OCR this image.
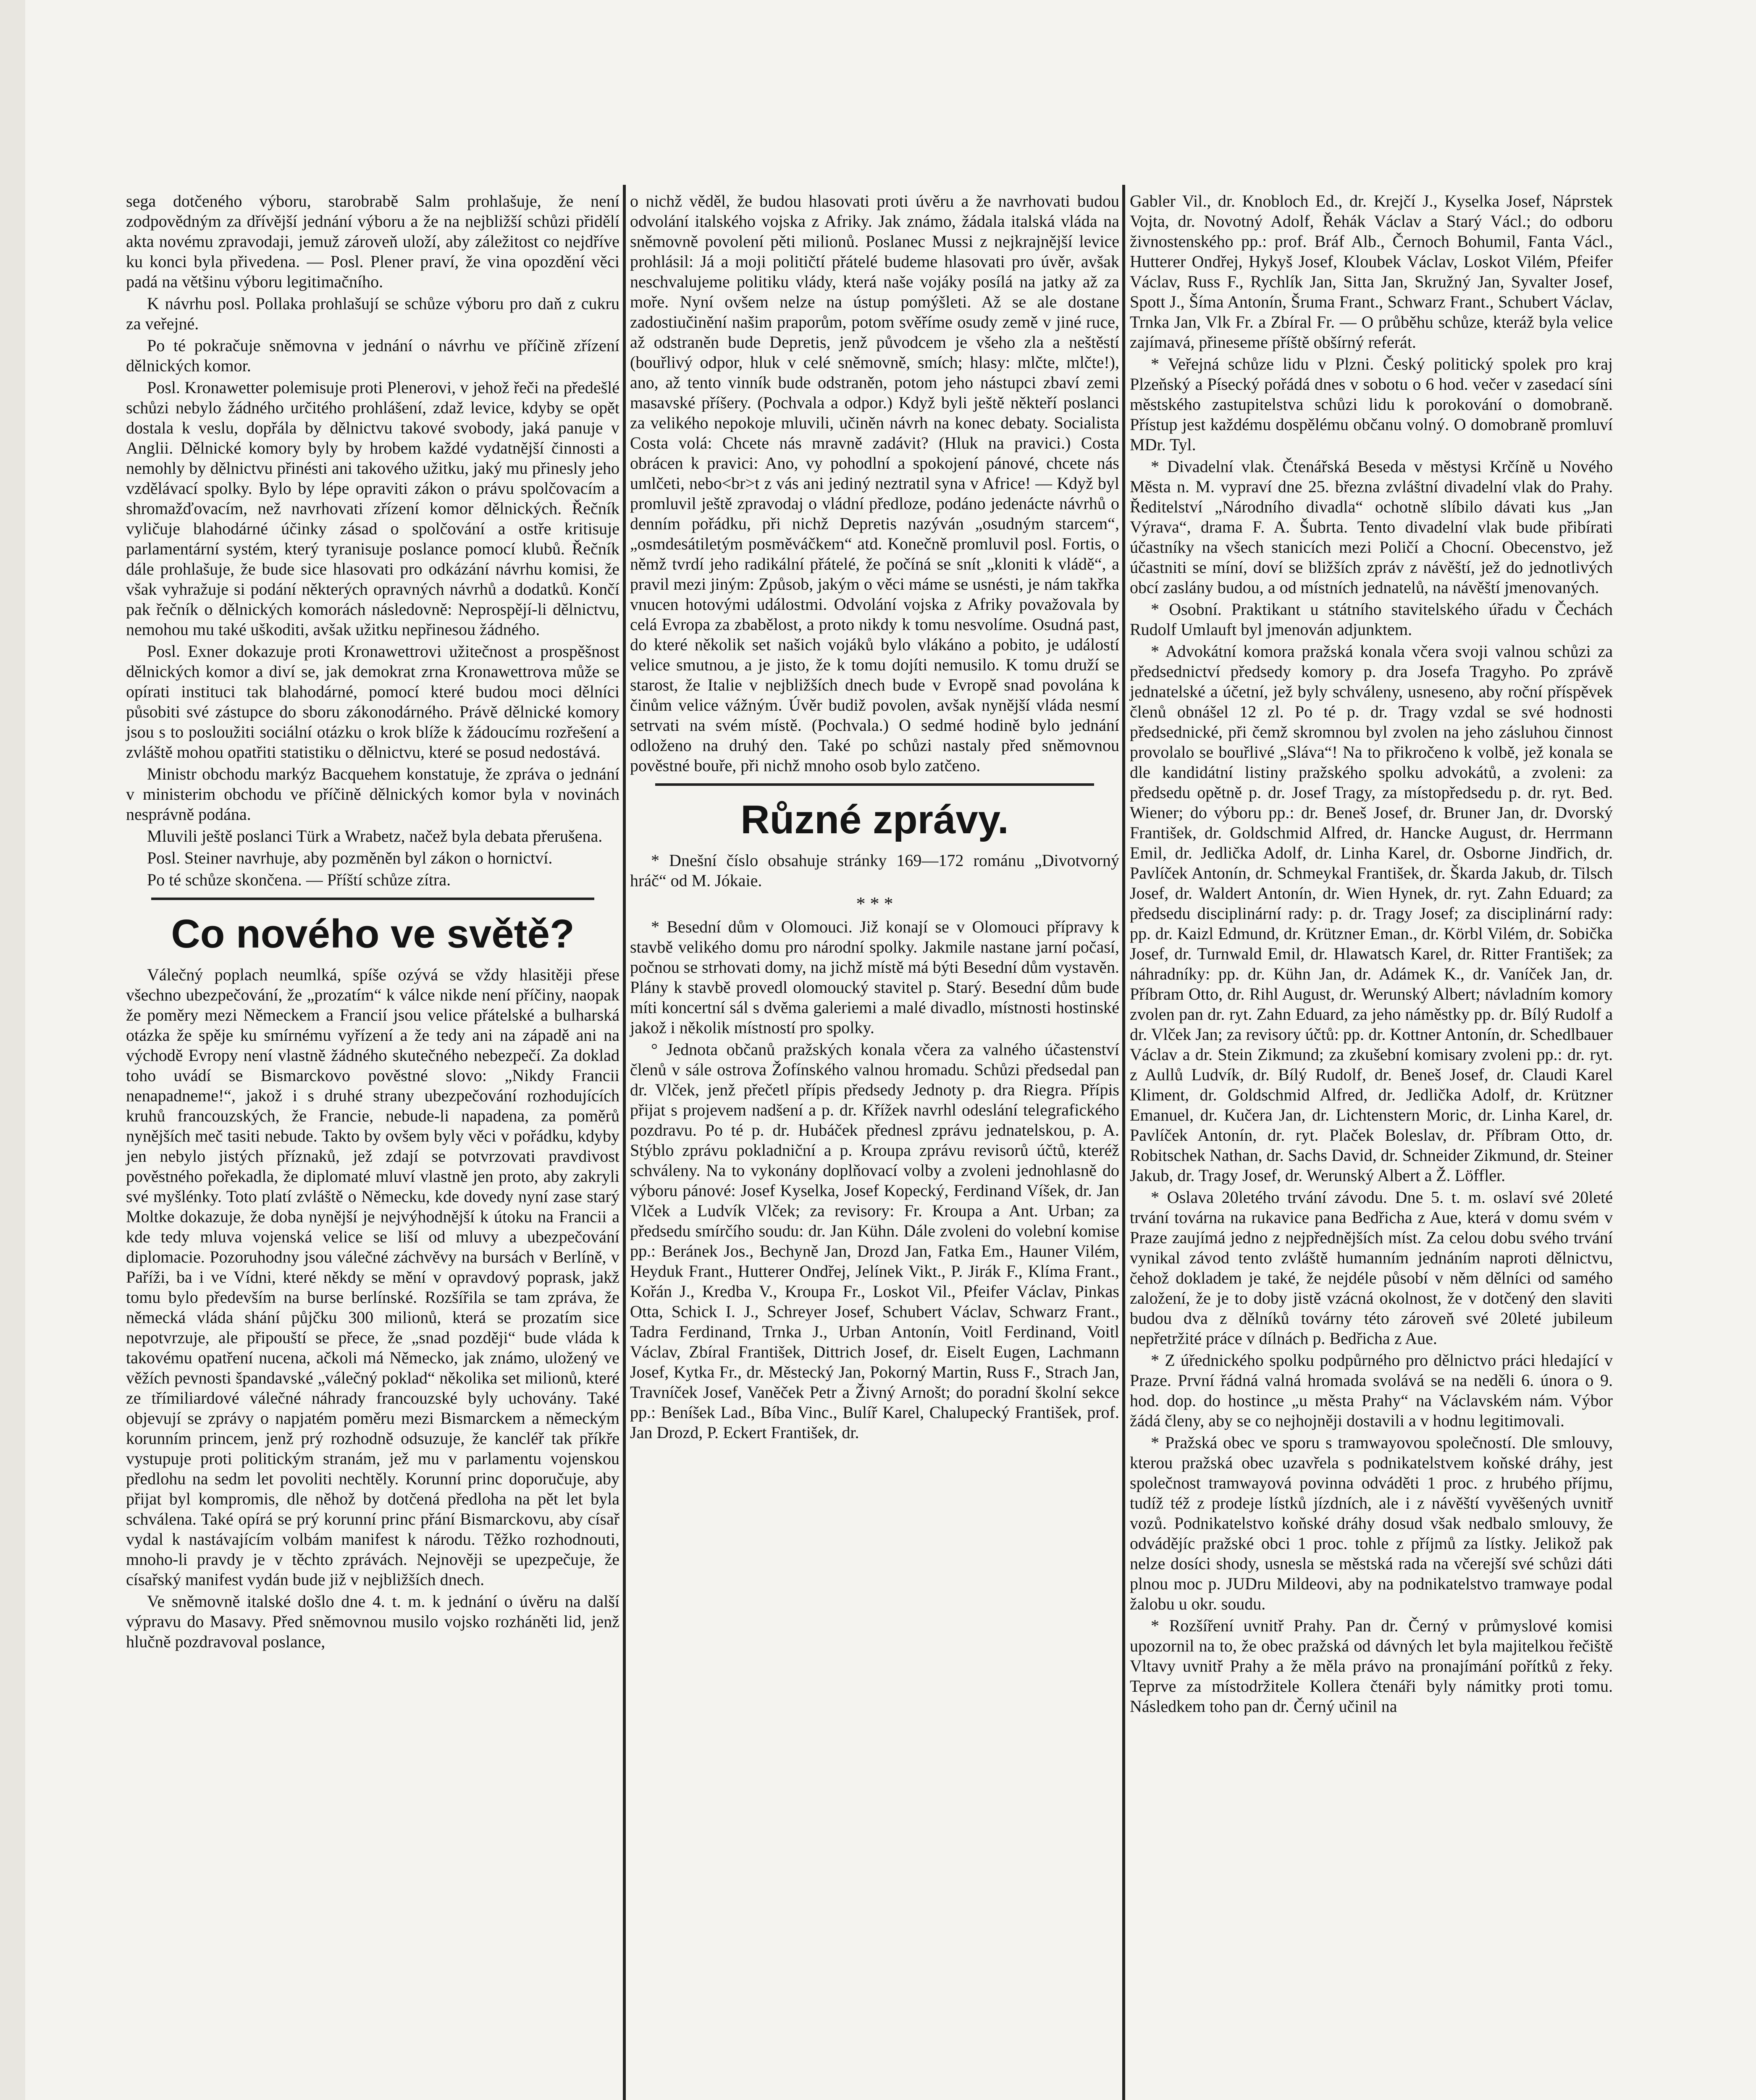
sega dotčeného výboru, starobrabě Salm prohlašuje, že není zodpovědným za dřívější jednání výboru a že na nejbližší schůzi přidělí akta novému zpravodaji, jemuž zároveň uloží, aby záležitost co nejdříve ku konci byla přivedena. — Posl. Plener praví, že vina opozdění věci padá na většinu výboru legitimačního.

K návrhu posl. Pollaka prohlašují se schůze výboru pro daň z cukru za veřejné.

Po té pokračuje sněmovna v jednání o návrhu ve příčině zřízení dělnických komor.

Posl. Kronawetter polemisuje proti Plenerovi, v jehož řeči na předešlé schůzi nebylo žádného určitého prohlášení, zdaž levice, kdyby se opět dostala k veslu, dopřála by dělnictvu takové svobody, jaká panuje v Anglii. Dělnické komory byly by hrobem každé vydatnější činnosti a nemohly by dělnictvu přinésti ani takového užitku, jaký mu přinesly jeho vzdělávací spolky. Bylo by lépe opraviti zákon o právu spolčovacím a shromažďovacím, než navrhovati zřízení komor dělnických. Řečník vyličuje blahodárné účinky zásad o spolčování a ostře kritisuje parlamentární systém, který tyranisuje poslance pomocí klubů. Řečník dále prohlašuje, že bude sice hlasovati pro odkázání návrhu komisi, že však vyhražuje si podání některých opravných návrhů a dodatků. Končí pak řečník o dělnických komorách následovně: Neprospějí-li dělnictvu, nemohou mu také uškoditi, avšak užitku nepřinesou žádného.

Posl. Exner dokazuje proti Kronawettrovi užitečnost a prospěšnost dělnických komor a diví se, jak demokrat zrna Kronawettrova může se opírati instituci tak blahodárné, pomocí které budou moci dělníci působiti své zástupce do sboru zákonodárného. Právě dělnické komory jsou s to posloužiti sociální otázku o krok blíže k žádoucímu rozřešení a zvláště mohou opatřiti statistiku o dělnictvu, které se posud nedostává.

Ministr obchodu markýz Bacquehem konstatuje, že zpráva o jednání v ministerim obchodu ve příčině dělnických komor byla v novinách nesprávně podána.

Mluvili ještě poslanci Türk a Wrabetz, načež byla debata přerušena.

Posl. Steiner navrhuje, aby pozměněn byl zákon o hornictví.

Po té schůze skončena. — Příští schůze zítra.

Co nového ve světě?

Válečný poplach neumlká, spíše ozývá se vždy hlasitěji přese všechno ubezpečování, že „prozatím“ k válce nikde není příčiny, naopak že poměry mezi Německem a Francií jsou velice přátelské a bulharská otázka že spěje ku smírnému vyřízení a že tedy ani na západě ani na východě Evropy není vlastně žádného skutečného nebezpečí. Za doklad toho uvádí se Bismarckovo pověstné slovo: „Nikdy Francii nenapadneme!“, jakož i s druhé strany ubezpečování rozhodujících kruhů francouzských, že Francie, nebude-li napadena, za poměrů nynějších meč tasiti nebude. Takto by ovšem byly věci v pořádku, kdyby jen nebylo jistých příznaků, jež zdají se potvrzovati pravdivost pověstného pořekadla, že diplomaté mluví vlastně jen proto, aby zakryli své myšlénky. Toto platí zvláště o Německu, kde dovedy nyní zase starý Moltke dokazuje, že doba nynější je nejvýhodnější k útoku na Francii a kde tedy mluva vojenská velice se liší od mluvy a ubezpečování diplomacie. Pozoruhodny jsou válečné záchvěvy na bursách v Berlíně, v Paříži, ba i ve Vídni, které někdy se mění v opravdový poprask, jakž tomu bylo především na burse berlínské. Rozšířila se tam zpráva, že německá vláda shání půjčku 300 milionů, která se prozatím sice nepotvrzuje, ale připouští se přece, že „snad později“ bude vláda k takovému opatření nucena, ačkoli má Německo, jak známo, uložený ve věžích pevnosti špandavské „válečný poklad“ několika set milionů, které ze třímiliardové válečné náhrady francouzské byly uchovány. Také objevují se zprávy o napjatém poměru mezi Bismarckem a německým korunním princem, jenž prý rozhodně odsuzuje, že kancléř tak příkře vystupuje proti politickým stranám, jež mu v parlamentu vojenskou předlohu na sedm let povoliti nechtěly. Korunní princ doporučuje, aby přijat byl kompromis, dle něhož by dotčená předloha na pět let byla schválena. Také opírá se prý korunní princ přání Bismarckovu, aby císař vydal k nastávajícím volbám manifest k národu. Těžko rozhodnouti, mnoho-li pravdy je v těchto zprávách. Nejnověji se upezpečuje, že císařský manifest vydán bude již v nejbližších dnech.

Ve sněmovně italské došlo dne 4. t. m. k jednání o úvěru na další výpravu do Masavy. Před sněmovnou musilo vojsko rozháněti lid, jenž hlučně pozdravoval poslance,

o nichž věděl, že budou hlasovati proti úvěru a že navrhovati budou odvolání italského vojska z Afriky. Jak známo, žádala italská vláda na sněmovně povolení pěti milionů. Poslanec Mussi z nejkrajnější levice prohlásil: Já a moji političtí přátelé budeme hlasovati pro úvěr, avšak neschvalujeme politiku vlády, která naše vojáky posílá na jatky až za moře. Nyní ovšem nelze na ústup pomýšleti. Až se ale dostane zadostiučinění našim praporům, potom svěříme osudy země v jiné ruce, až odstraněn bude Depretis, jenž původcem je všeho zla a neštěstí (bouřlivý odpor, hluk v celé sněmovně, smích; hlasy: mlčte, mlčte!), ano, až tento vinník bude odstraněn, potom jeho nástupci zbaví zemi masavské příšery. (Pochvala a odpor.) Když byli ještě někteří poslanci za velikého nepokoje mluvili, učiněn návrh na konec debaty. Socialista Costa volá: Chcete nás mravně zadávit? (Hluk na pravici.) Costa obrácen k pravici: Ano, vy pohodlní a spokojení pánové, chcete nás umlčeti, nebo<br>t z vás ani jediný neztratil syna v Africe! — Když byl promluvil ještě zpravodaj o vládní předloze, podáno jedenácte návrhů o denním pořádku, při nichž Depretis nazýván „osudným starcem“, „osmdesátiletým posměváčkem“ atd. Konečně promluvil posl. Fortis, o němž tvrdí jeho radikální přátelé, že počíná se snít „kloniti k vládě“, a pravil mezi jiným: Způsob, jakým o věci máme se usnésti, je nám takřka vnucen hotovými událostmi. Odvolání vojska z Afriky považovala by celá Evropa za zbabělost, a proto nikdy k tomu nesvolíme. Osudná past, do které několik set našich vojáků bylo vlákáno a pobito, je událostí velice smutnou, a je jisto, že k tomu dojíti nemusilo. K tomu druží se starost, že Italie v nejbližších dnech bude v Evropě snad povolána k činům velice vážným. Úvěr budiž povolen, avšak nynější vláda nesmí setrvati na svém místě. (Pochvala.) O sedmé hodině bylo jednání odloženo na druhý den. Také po schůzi nastaly před sněmovnou pověstné bouře, při nichž mnoho osob bylo zatčeno.

Různé zprávy.

* Dnešní číslo obsahuje stránky 169—172 románu „Divotvorný hráč“ od M. Jókaie.

* * *

* Besední dům v Olomouci. Již konají se v Olomouci přípravy k stavbě velikého domu pro národní spolky. Jakmile nastane jarní počasí, počnou se strhovati domy, na jichž místě má býti Besední dům vystavěn. Plány k stavbě provedl olomoucký stavitel p. Starý. Besední dům bude míti koncertní sál s dvěma galeriemi a malé divadlo, místnosti hostinské jakož i několik místností pro spolky.

° Jednota občanů pražských konala včera za valného účastenství členů v sále ostrova Žofínského valnou hromadu. Schůzi předsedal pan dr. Vlček, jenž přečetl přípis předsedy Jednoty p. dra Riegra. Přípis přijat s projevem nadšení a p. dr. Křížek navrhl odeslání telegrafického pozdravu. Po té p. dr. Hubáček přednesl zprávu jednatelskou, p. A. Stýblo zprávu pokladniční a p. Kroupa zprávu revisorů účtů, kteréž schváleny. Na to vykonány doplňovací volby a zvoleni jednohlasně do výboru pánové: Josef Kyselka, Josef Kopecký, Ferdinand Víšek, dr. Jan Vlček a Ludvík Vlček; za revisory: Fr. Kroupa a Ant. Urban; za předsedu smírčího soudu: dr. Jan Kühn. Dále zvoleni do volební komise pp.: Beránek Jos., Bechyně Jan, Drozd Jan, Fatka Em., Hauner Vilém, Heyduk Frant., Hutterer Ondřej, Jelínek Vikt., P. Jirák F., Klíma Frant., Kořán J., Kredba V., Kroupa Fr., Loskot Vil., Pfeifer Václav, Pinkas Otta, Schick I. J., Schreyer Josef, Schubert Václav, Schwarz Frant., Tadra Ferdinand, Trnka J., Urban Antonín, Voitl Ferdinand, Voitl Václav, Zbíral František, Dittrich Josef, dr. Eiselt Eugen, Lachmann Josef, Kytka Fr., dr. Městecký Jan, Pokorný Martin, Russ F., Strach Jan, Travníček Josef, Vaněček Petr a Živný Arnošt; do poradní školní sekce pp.: Beníšek Lad., Bíba Vinc., Bulíř Karel, Chalupecký František, prof. Jan Drozd, P. Eckert František, dr.

Gabler Vil., dr. Knobloch Ed., dr. Krejčí J., Kyselka Josef, Náprstek Vojta, dr. Novotný Adolf, Řehák Václav a Starý Václ.; do odboru živnostenského pp.: prof. Bráf Alb., Černoch Bohumil, Fanta Václ., Hutterer Ondřej, Hykyš Josef, Kloubek Václav, Loskot Vilém, Pfeifer Václav, Russ F., Rychlík Jan, Sitta Jan, Skružný Jan, Syvalter Josef, Spott J., Šíma Antonín, Šruma Frant., Schwarz Frant., Schubert Václav, Trnka Jan, Vlk Fr. a Zbíral Fr. — O průběhu schůze, kteráž byla velice zajímavá, přineseme příště obšírný referát.

* Veřejná schůze lidu v Plzni. Český politický spolek pro kraj Plzeňský a Písecký pořádá dnes v sobotu o 6 hod. večer v zasedací síni městského zastupitelstva schůzi lidu k porokování o domobraně. Přístup jest každému dospělému občanu volný. O domobraně promluví MDr. Tyl.

* Divadelní vlak. Čtenářská Beseda v městysi Krčíně u Nového Města n. M. vypraví dne 25. března zvláštní divadelní vlak do Prahy. Ředitelství „Národního divadla“ ochotně slíbilo dávati kus „Jan Výrava“, drama F. A. Šubrta. Tento divadelní vlak bude přibírati účastníky na všech stanicích mezi Poličí a Chocní. Obecenstvo, jež účastniti se míní, doví se bližších zpráv z návěští, jež do jednotlivých obcí zaslány budou, a od místních jednatelů, na návěští jmenovaných.

* Osobní. Praktikant u státního stavitelského úřadu v Čechách Rudolf Umlauft byl jmenován adjunktem.

* Advokátní komora pražská konala včera svoji valnou schůzi za předsednictví předsedy komory p. dra Josefa Tragyho. Po zprávě jednatelské a účetní, jež byly schváleny, usneseno, aby roční příspěvek členů obnášel 12 zl. Po té p. dr. Tragy vzdal se své hodnosti předsednické, při čemž skromnou byl zvolen na jeho zásluhou činnost provolalo se bouřlivé „Sláva“! Na to přikročeno k volbě, jež konala se dle kandidátní listiny pražského spolku advokátů, a zvoleni: za předsedu opětně p. dr. Josef Tragy, za místopředsedu p. dr. ryt. Bed. Wiener; do výboru pp.: dr. Beneš Josef, dr. Bruner Jan, dr. Dvorský František, dr. Goldschmid Alfred, dr. Hancke August, dr. Herrmann Emil, dr. Jedlička Adolf, dr. Linha Karel, dr. Osborne Jindřich, dr. Pavlíček Antonín, dr. Schmeykal František, dr. Škarda Jakub, dr. Tilsch Josef, dr. Waldert Antonín, dr. Wien Hynek, dr. ryt. Zahn Eduard; za předsedu disciplinární rady: p. dr. Tragy Josef; za disciplinární rady: pp. dr. Kaizl Edmund, dr. Krützner Eman., dr. Körbl Vilém, dr. Sobička Josef, dr. Turnwald Emil, dr. Hlawatsch Karel, dr. Ritter František; za náhradníky: pp. dr. Kühn Jan, dr. Adámek K., dr. Vaníček Jan, dr. Příbram Otto, dr. Rihl August, dr. Werunský Albert; návladním komory zvolen pan dr. ryt. Zahn Eduard, za jeho náměstky pp. dr. Bílý Rudolf a dr. Vlček Jan; za revisory účtů: pp. dr. Kottner Antonín, dr. Schedlbauer Václav a dr. Stein Zikmund; za zkušební komisary zvoleni pp.: dr. ryt. z Aullů Ludvík, dr. Bílý Rudolf, dr. Beneš Josef, dr. Claudi Karel Kliment, dr. Goldschmid Alfred, dr. Jedlička Adolf, dr. Krützner Emanuel, dr. Kučera Jan, dr. Lichtenstern Moric, dr. Linha Karel, dr. Pavlíček Antonín, dr. ryt. Plaček Boleslav, dr. Příbram Otto, dr. Robitschek Nathan, dr. Sachs David, dr. Schneider Zikmund, dr. Steiner Jakub, dr. Tragy Josef, dr. Werunský Albert a Ž. Löffler.

* Oslava 20letého trvání závodu. Dne 5. t. m. oslaví své 20leté trvání továrna na rukavice pana Bedřicha z Aue, která v domu svém v Praze zaujímá jedno z nejpřednějších míst. Za celou dobu svého trvání vynikal závod tento zvláště humanním jednáním naproti dělnictvu, čehož dokladem je také, že nejdéle působí v něm dělníci od samého založení, že je to doby jistě vzácná okolnost, že v dotčený den slaviti budou dva z dělníků továrny této zároveň své 20leté jubileum nepřetržité práce v dílnách p. Bedřicha z Aue.

* Z úřednického spolku podpůrného pro dělnictvo práci hledající v Praze. První řádná valná hromada svolává se na neděli 6. února o 9. hod. dop. do hostince „u města Prahy“ na Václavském nám. Výbor žádá členy, aby se co nejhojněji dostavili a v hodnu legitimovali.

* Pražská obec ve sporu s tramwayovou společností. Dle smlouvy, kterou pražská obec uzavřela s podnikatelstvem koňské dráhy, jest společnost tramwayová povinna odváděti 1 proc. z hrubého příjmu, tudíž též z prodeje lístků jízdních, ale i z návěští vyvěšených uvnitř vozů. Podnikatelstvo koňské dráhy dosud však nedbalo smlouvy, že odvádějíc pražské obci 1 proc. tohle z příjmů za lístky. Jelikož pak nelze dosíci shody, usnesla se městská rada na včerejší své schůzi dáti plnou moc p. JUDru Mildeovi, aby na podnikatelstvo tramwaye podal žalobu u okr. soudu.

* Rozšíření uvnitř Prahy. Pan dr. Černý v průmyslové komisi upozornil na to, že obec pražská od dávných let byla majitelkou řečiště Vltavy uvnitř Prahy a že měla právo na pronajímání pořítků z řeky. Teprve za místodržitele Kollera čtenáři byly námitky proti tomu. Následkem toho pan dr. Černý učinil na
